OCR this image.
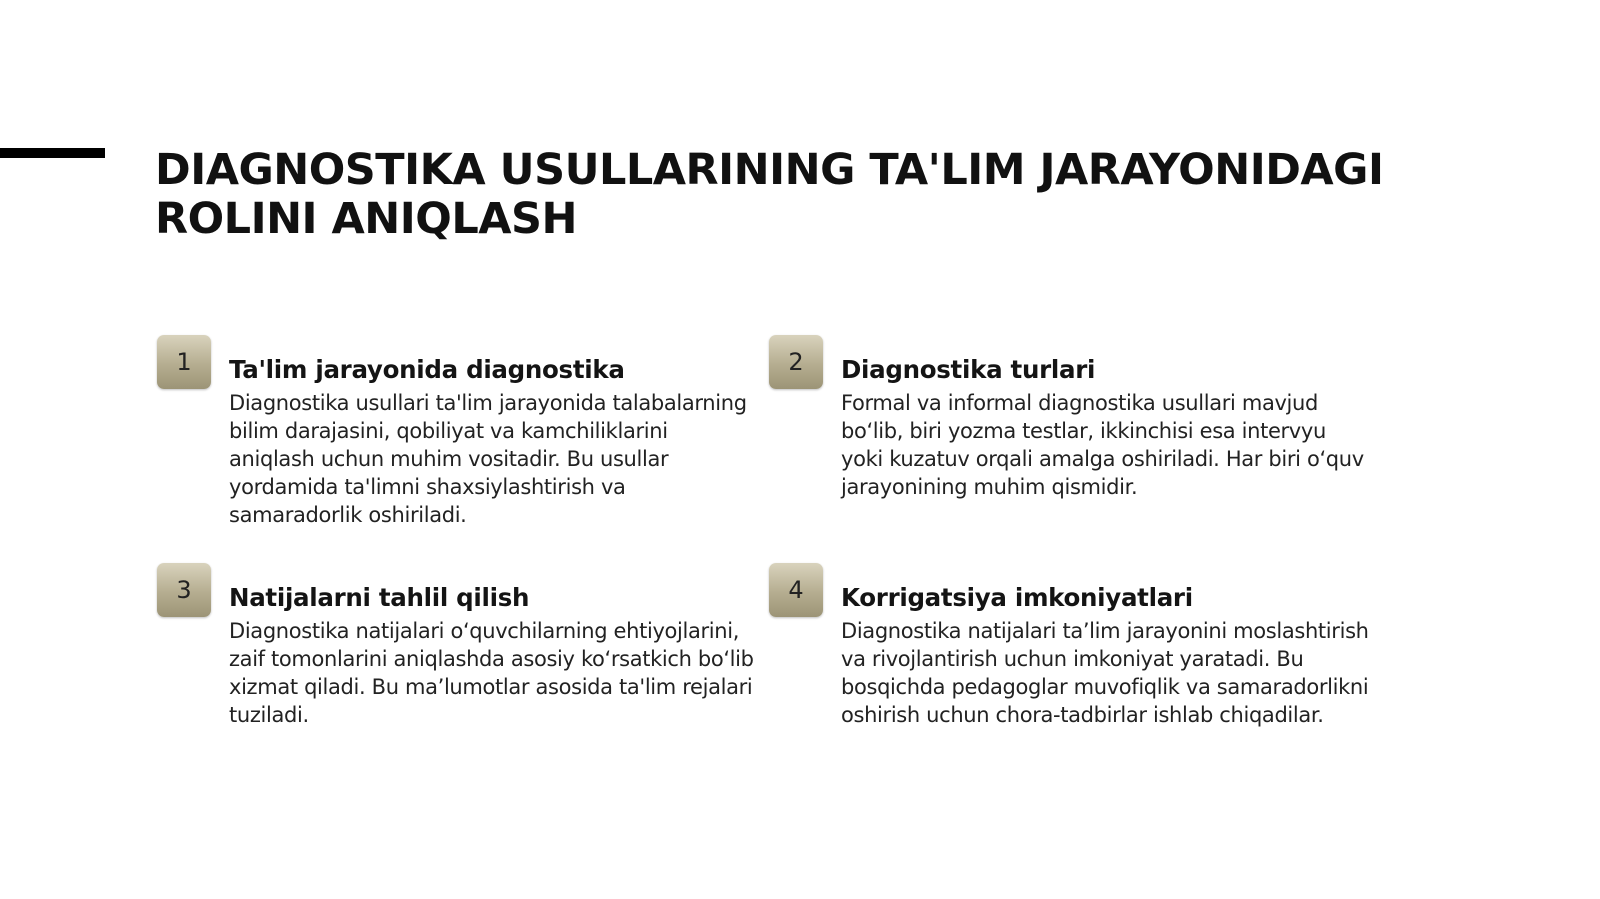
DIAGNOSTIKA USULLARINING TA'LIM JARAYONIDAGI ROLINI ANIQLASH
1	Ta'lim jarayonida diagnostika

Diagnostika usullari ta'lim jarayonida talabalarning bilim darajasini, qobiliyat va kamchiliklarini aniqlash uchun muhim vositadir. Bu usullar yordamida ta'limni shaxsiylashtirish va samaradorlik oshiriladi.

2	Diagnostika turlari

Formal va informal diagnostika usullari mavjud bo‘lib, biri yozma testlar, ikkinchisi esa intervyu yoki kuzatuv orqali amalga oshiriladi. Har biri o‘quv jarayonining muhim qismidir.

3	Natijalarni tahlil qilish

Diagnostika natijalari o‘quvchilarning ehtiyojlarini, zaif tomonlarini aniqlashda asosiy ko‘rsatkich bo‘lib xizmat qiladi. Bu ma’lumotlar asosida ta'lim rejalari tuziladi.

4	Korrigatsiya imkoniyatlari

Diagnostika natijalari ta’lim jarayonini moslashtirish va rivojlantirish uchun imkoniyat yaratadi. Bu bosqichda pedagoglar muvofiqlik va samaradorlikni oshirish uchun chora-tadbirlar ishlab chiqadilar.
